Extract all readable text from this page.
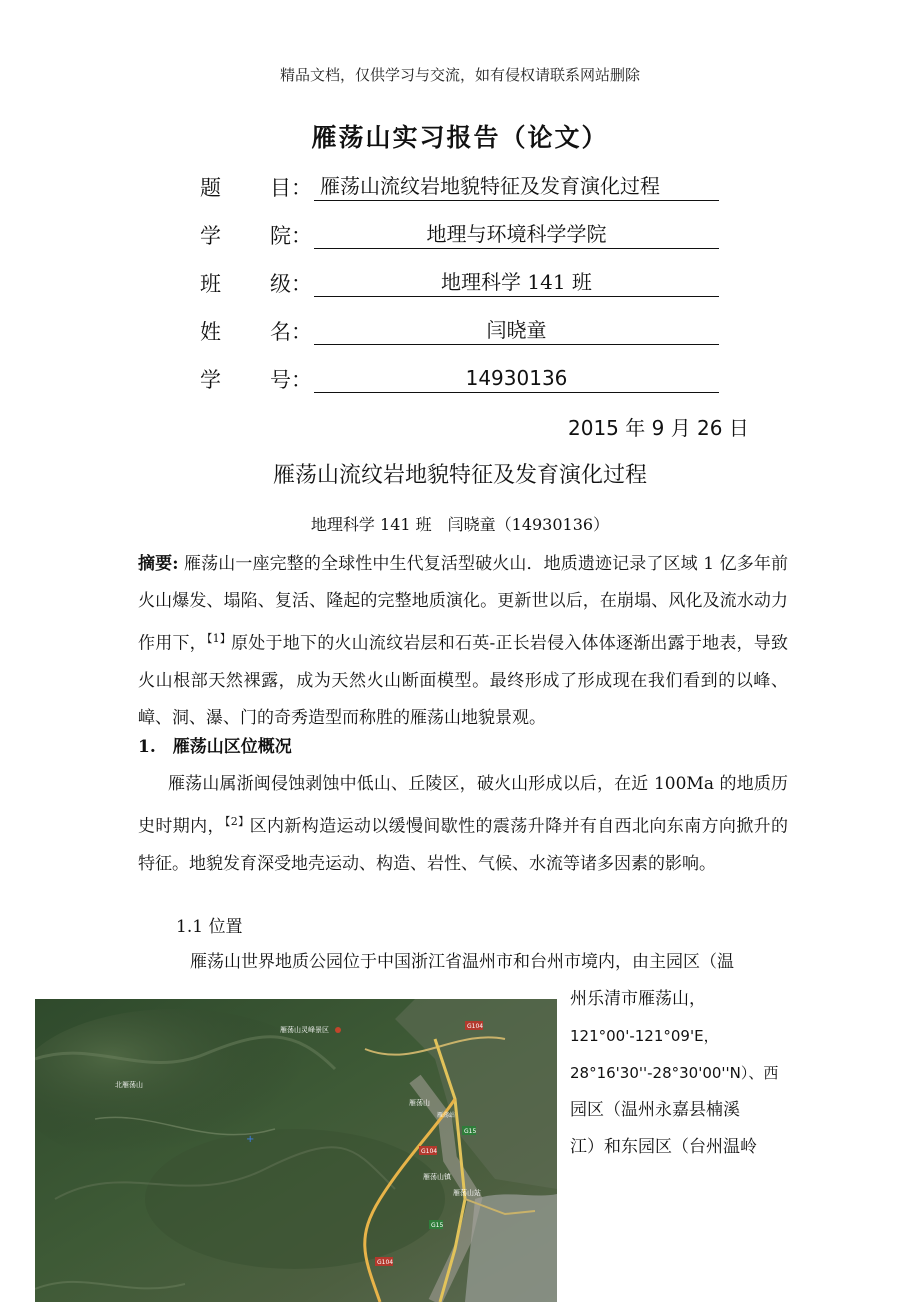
精品文档，仅供学习与交流，如有侵权请联系网站删除
雁荡山实习报告（论文）
题 目： 雁荡山流纹岩地貌特征及发育演化过程
学 院：	地理与环境科学学院
班 级：	地理科学 141 班
姓 名：	闫晓童
学 号：	14930136
2015 年 9 月 26 日
雁荡山流纹岩地貌特征及发育演化过程
地理科学 141 班　闫晓童（14930136）
摘要: 雁荡山一座完整的全球性中生代复活型破火山．地质遗迹记录了区域 1 亿多年前火山爆发、塌陷、复活、隆起的完整地质演化。更新世以后，在崩塌、风化及流水动力作用下，$^{【1】}$原处于地下的火山流纹岩层和石英-正长岩侵入体体逐渐出露于地表，导致火山根部天然裸露，成为天然火山断面模型。最终形成了形成现在我们看到的以峰、嶂、洞、瀑、门的奇秀造型而称胜的雁荡山地貌景观。
1.　雁荡山区位概况
雁荡山属浙闽侵蚀剥蚀中低山、丘陵区，破火山形成以后，在近 100Ma 的地质历史时期内，$^{【2】}$区内新构造运动以缓慢间歇性的震荡升降并有自西北向东南方向掀升的特征。地貌发育深受地壳运动、构造、岩性、气候、水流等诸多因素的影响。
1.1 位置
雁荡山世界地质公园位于中国浙江省温州市和台州市境内，由主园区（温
州乐清市雁荡山，
121°00'-121°09'E，
28°16'30''-28°30'00''N）、西
园区（温州永嘉县楠溪
江）和东园区（台州温岭
雁荡山灵峰景区
北雁荡山
雁荡山
雁荡站
雁荡山镇
雁荡山站
G104
G104
G104
G15
G15
+
